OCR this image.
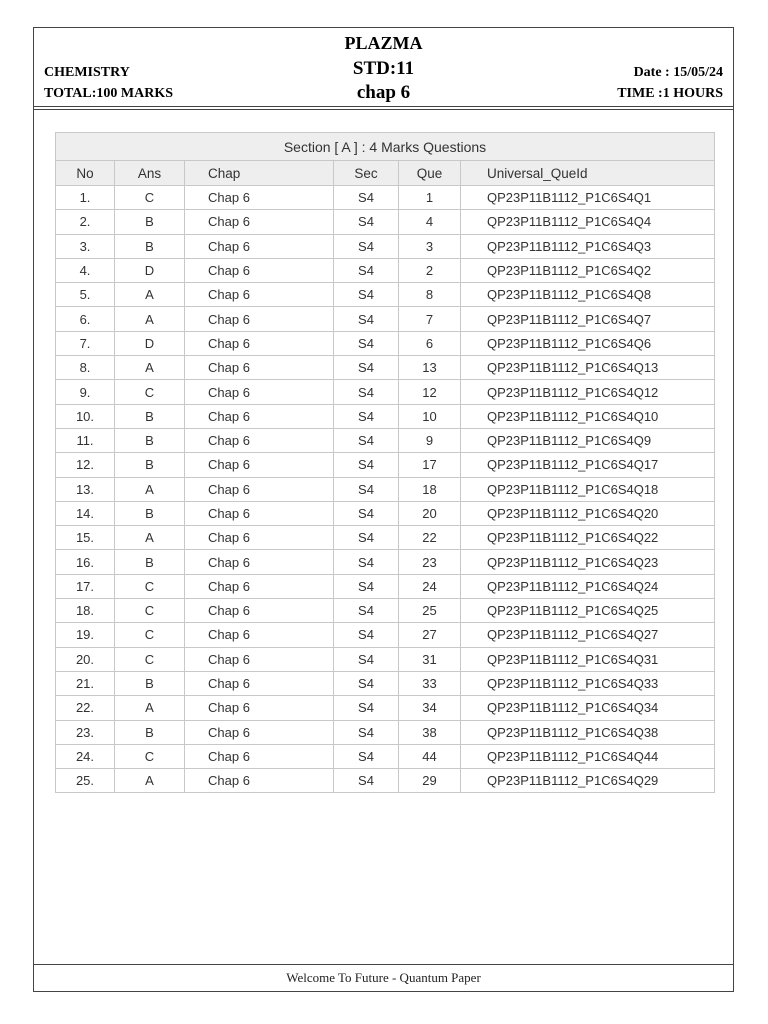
PLAZMA
STD:11
chap 6
CHEMISTRY
TOTAL:100 MARKS
Date : 15/05/24
TIME :1 HOURS
Section [ A ] : 4 Marks Questions					
No	Ans	Chap	Sec	Que	Universal_QueId
1.	C	Chap 6	S4	1	QP23P11B1112_P1C6S4Q1
2.	B	Chap 6	S4	4	QP23P11B1112_P1C6S4Q4
3.	B	Chap 6	S4	3	QP23P11B1112_P1C6S4Q3
4.	D	Chap 6	S4	2	QP23P11B1112_P1C6S4Q2
5.	A	Chap 6	S4	8	QP23P11B1112_P1C6S4Q8
6.	A	Chap 6	S4	7	QP23P11B1112_P1C6S4Q7
7.	D	Chap 6	S4	6	QP23P11B1112_P1C6S4Q6
8.	A	Chap 6	S4	13	QP23P11B1112_P1C6S4Q13
9.	C	Chap 6	S4	12	QP23P11B1112_P1C6S4Q12
10.	B	Chap 6	S4	10	QP23P11B1112_P1C6S4Q10
11.	B	Chap 6	S4	9	QP23P11B1112_P1C6S4Q9
12.	B	Chap 6	S4	17	QP23P11B1112_P1C6S4Q17
13.	A	Chap 6	S4	18	QP23P11B1112_P1C6S4Q18
14.	B	Chap 6	S4	20	QP23P11B1112_P1C6S4Q20
15.	A	Chap 6	S4	22	QP23P11B1112_P1C6S4Q22
16.	B	Chap 6	S4	23	QP23P11B1112_P1C6S4Q23
17.	C	Chap 6	S4	24	QP23P11B1112_P1C6S4Q24
18.	C	Chap 6	S4	25	QP23P11B1112_P1C6S4Q25
19.	C	Chap 6	S4	27	QP23P11B1112_P1C6S4Q27
20.	C	Chap 6	S4	31	QP23P11B1112_P1C6S4Q31
21.	B	Chap 6	S4	33	QP23P11B1112_P1C6S4Q33
22.	A	Chap 6	S4	34	QP23P11B1112_P1C6S4Q34
23.	B	Chap 6	S4	38	QP23P11B1112_P1C6S4Q38
24.	C	Chap 6	S4	44	QP23P11B1112_P1C6S4Q44
25.	A	Chap 6	S4	29	QP23P11B1112_P1C6S4Q29
Welcome To Future - Quantum Paper
